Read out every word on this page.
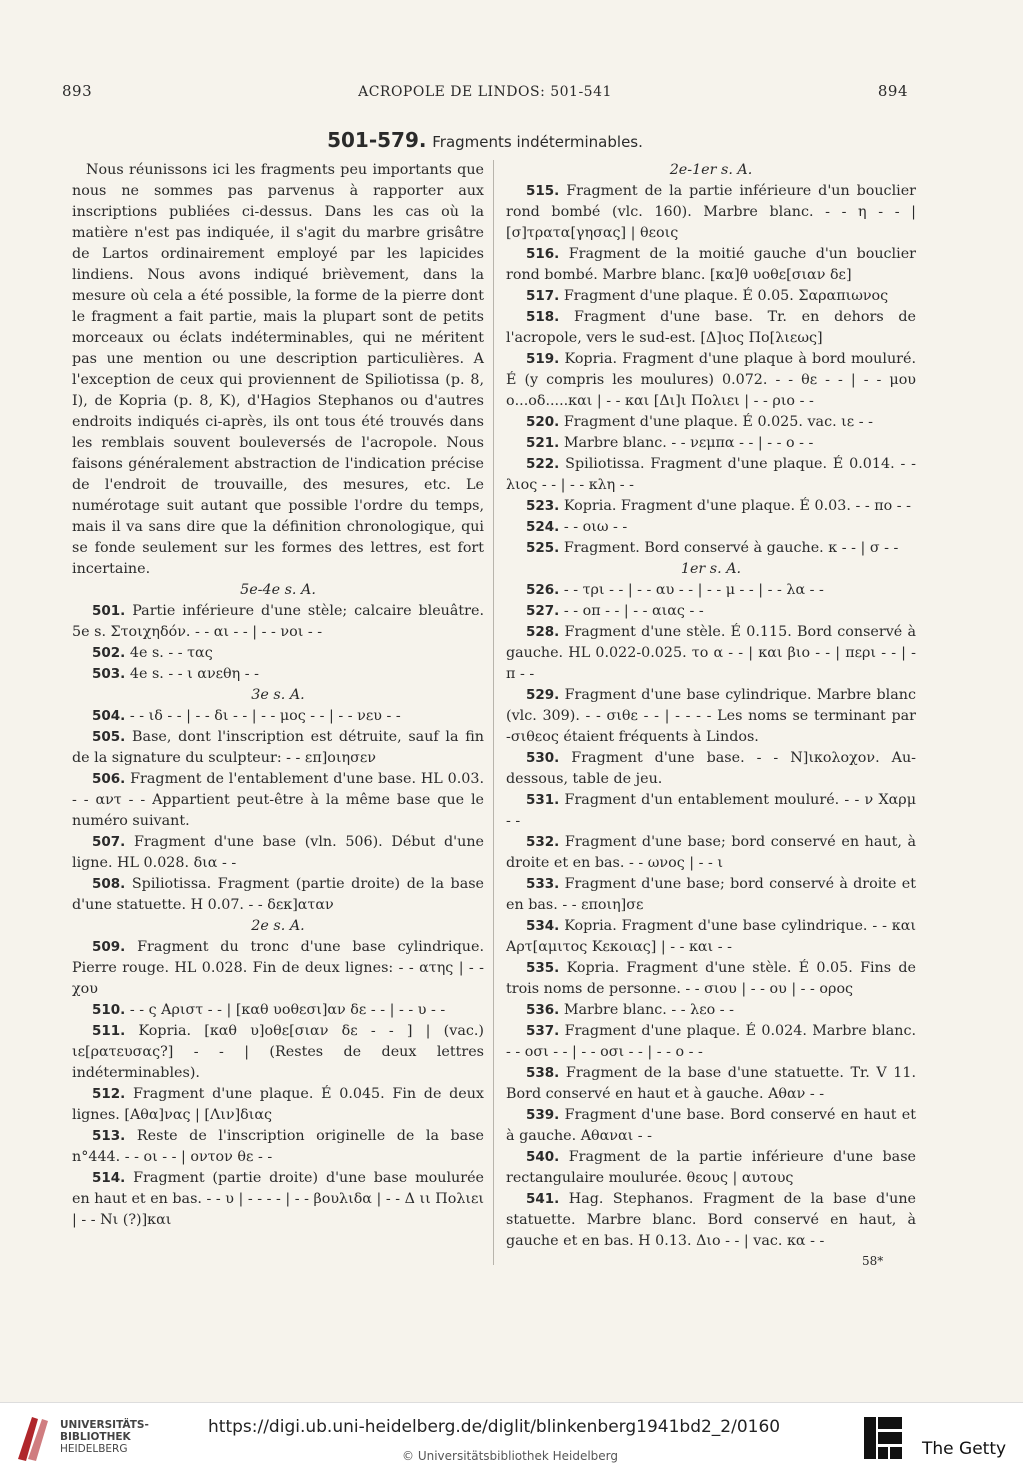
893	ACROPOLE DE LINDOS: 501-541	894
501-579. Fragments indéterminables.

Nous réunissons ici les fragments peu importants que nous ne sommes pas parvenus à rapporter aux inscriptions publiées ci-dessus. Dans les cas où la matière n'est pas indiquée, il s'agit du marbre grisâtre de Lartos ordinairement employé par les lapicides lindiens. Nous avons indiqué brièvement, dans la mesure où cela a été possible, la forme de la pierre dont le fragment a fait partie, mais la plupart sont de petits morceaux ou éclats indéterminables, qui ne méritent pas une mention ou une description particulières. A l'exception de ceux qui proviennent de Spiliotissa (p. 8, I), de Kopria (p. 8, K), d'Hagios Stephanos ou d'autres endroits indiqués ci-après, ils ont tous été trouvés dans les remblais souvent bouleversés de l'acropole. Nous faisons généralement abstraction de l'indication précise de l'endroit de trouvaille, des mesures, etc. Le numérotage suit autant que possible l'ordre du temps, mais il va sans dire que la définition chronologique, qui se fonde seulement sur les formes des lettres, est fort incertaine.

5e-4e s. A.

501. Partie inférieure d'une stèle; calcaire bleuâtre. 5e s. Στοιχηδόν. - - αι - - | - - νοι - -

502. 4e s. - - τας

503. 4e s. - - ι ανεθη - -

3e s. A.

504. - - ιδ - - | - - δι - - | - - μος - - | - - νευ - -

505. Base, dont l'inscription est détruite, sauf la fin de la signature du sculpteur: - - επ]οιησεν

506. Fragment de l'entablement d'une base. HL 0.03. - - αντ - - Appartient peut-être à la même base que le numéro suivant.

507. Fragment d'une base (vln. 506). Début d'une ligne. HL 0.028. δια - -

508. Spiliotissa. Fragment (partie droite) de la base d'une statuette. H 0.07. - - δεκ]αταν

2e s. A.

509. Fragment du tronc d'une base cylindrique. Pierre rouge. HL 0.028. Fin de deux lignes: - - ατης | - - χου

510. - - ς Αριστ - - | [καθ υοθεσι]αν δε - - | - - υ - -

511. Kopria. [καθ υ]οθε[σιαν δε - - ] | (vac.) ιε[ρατευσας?] - - | (Restes de deux lettres indéterminables).

512. Fragment d'une plaque. É 0.045. Fin de deux lignes. [Αθα]νας | [Λιν]διας

513. Reste de l'inscription originelle de la base n°444. - - οι - - | οντον θε - -

514. Fragment (partie droite) d'une base moulurée en haut et en bas. - - υ | - - - - | - - βουλιδα | - - Δ ιι Πολιει | - - Νι (?)]και

2e-1er s. A.

515. Fragment de la partie inférieure d'un bouclier rond bombé (vlc. 160). Marbre blanc. - - η - - | [σ]τρατα[γησας] | θεοις

516. Fragment de la moitié gauche d'un bouclier rond bombé. Marbre blanc. [κα]θ υοθε[σιαν δε]

517. Fragment d'une plaque. É 0.05. Σαραπιωνος

518. Fragment d'une base. Tr. en dehors de l'acropole, vers le sud-est. [Δ]ιος Πο[λιεως]

519. Kopria. Fragment d'une plaque à bord mouluré. É (y compris les moulures) 0.072. - - θε - - | - - μου ο...οδ.....και | - - και [Δι]ι Πολιει | - - ριο - -

520. Fragment d'une plaque. É 0.025. vac. ιε - -

521. Marbre blanc. - - νεμπα - - | - - ο - -

522. Spiliotissa. Fragment d'une plaque. É 0.014. - - λιος - - | - - κλη - -

523. Kopria. Fragment d'une plaque. É 0.03. - - πο - -

524. - - οιω - -

525. Fragment. Bord conservé à gauche. κ - - | σ - -

1er s. A.

526. - - τρι - - | - - αυ - - | - - μ - - | - - λα - -

527. - - οπ - - | - - αιας - -

528. Fragment d'une stèle. É 0.115. Bord conservé à gauche. HL 0.022-0.025. το α - - | και βιο - - | περι - - | - π - -

529. Fragment d'une base cylindrique. Marbre blanc (vlc. 309). - - σιθε - - | - - - - Les noms se terminant par -σιθεος étaient fréquents à Lindos.

530. Fragment d'une base. - - Ν]ικολοχον. Au-dessous, table de jeu.

531. Fragment d'un entablement mouluré. - - ν Χαρμ - -

532. Fragment d'une base; bord conservé en haut, à droite et en bas. - - ωνος | - - ι

533. Fragment d'une base; bord conservé à droite et en bas. - - εποιη]σε

534. Kopria. Fragment d'une base cylindrique. - - και Αρτ[αμιτος Κεκοιας] | - - και - -

535. Kopria. Fragment d'une stèle. É 0.05. Fins de trois noms de personne. - - σιου | - - ου | - - ορος

536. Marbre blanc. - - λεο - -

537. Fragment d'une plaque. É 0.024. Marbre blanc. - - οσι - - | - - οσι - - | - - ο - -

538. Fragment de la base d'une statuette. Tr. V 11. Bord conservé en haut et à gauche. Αθαν - -

539. Fragment d'une base. Bord conservé en haut et à gauche. Αθαναι - -

540. Fragment de la partie inférieure d'une base rectangulaire moulurée. θεους | αυτους

541. Hag. Stephanos. Fragment de la base d'une statuette. Marbre blanc. Bord conservé en haut, à gauche et en bas. H 0.13. Διο - - | vac. κα - -

58*
UNIVERSITÄTS-
BIBLIOTHEK
HEIDELBERG
https://digi.ub.uni-heidelberg.de/diglit/blinkenberg1941bd2_2/0160
© Universitätsbibliothek Heidelberg	The Getty
